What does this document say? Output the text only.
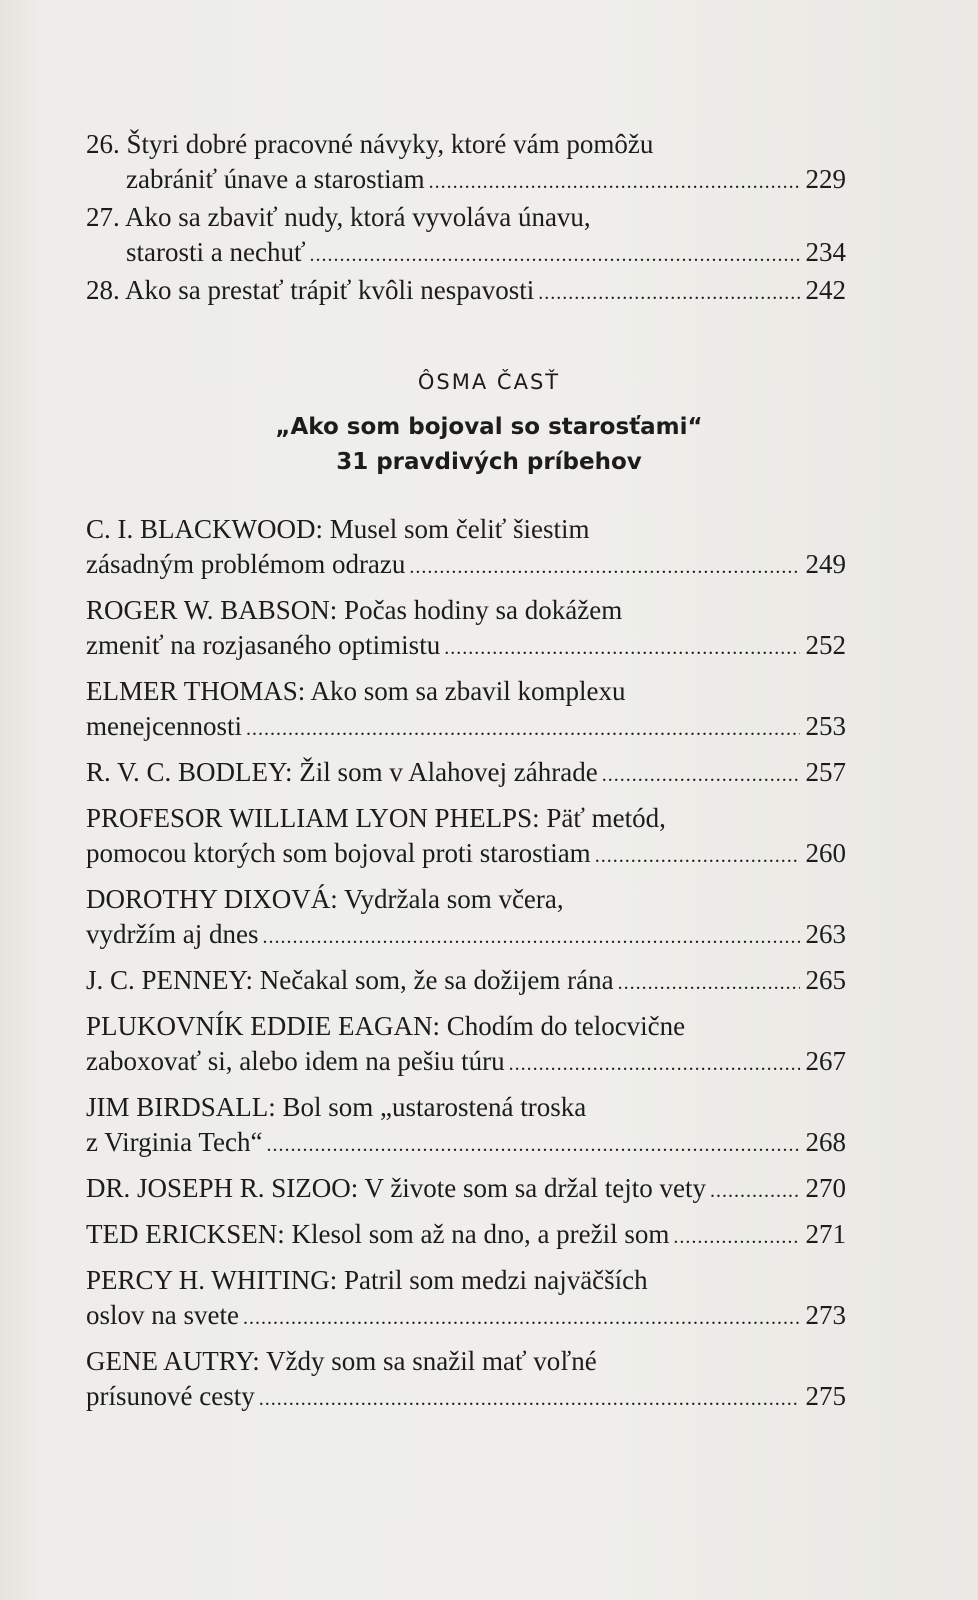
26. Štyri dobré pracovné návyky, ktoré vám pomôžu
zabrániť únave a starostiam .....	229
27. Ako sa zbaviť nudy, ktorá vyvoláva únavu,
starosti a nechuť .....	234
28. Ako sa prestať trápiť kvôli nespavosti .....	242
ÔSMA ČASŤ
„Ako som bojoval so starosťami“
31 pravdivých príbehov
C. I. BLACKWOOD: Musel som čeliť šiestim
zásadným problémom odrazu .....	249
ROGER W. BABSON: Počas hodiny sa dokážem
zmeniť na rozjasaného optimistu .....	252
ELMER THOMAS: Ako som sa zbavil komplexu
menejcennosti .....	253
R. V. C. BODLEY: Žil som v Alahovej záhrade .....	257
PROFESOR WILLIAM LYON PHELPS: Päť metód,
pomocou ktorých som bojoval proti starostiam .....	260
DOROTHY DIXOVÁ: Vydržala som včera,
vydržím aj dnes .....	263
J. C. PENNEY: Nečakal som, že sa dožijem rána .....	265
PLUKOVNÍK EDDIE EAGAN: Chodím do telocvične
zaboxovať si, alebo idem na pešiu túru .....	267
JIM BIRDSALL: Bol som „ustarostená troska
z Virginia Tech“ .....	268
DR. JOSEPH R. SIZOO: V živote som sa držal tejto vety .....	270
TED ERICKSEN: Klesol som až na dno, a prežil som .....	271
PERCY H. WHITING: Patril som medzi najväčších
oslov na svete .....	273
GENE AUTRY: Vždy som sa snažil mať voľné
prísunové cesty .....	275
